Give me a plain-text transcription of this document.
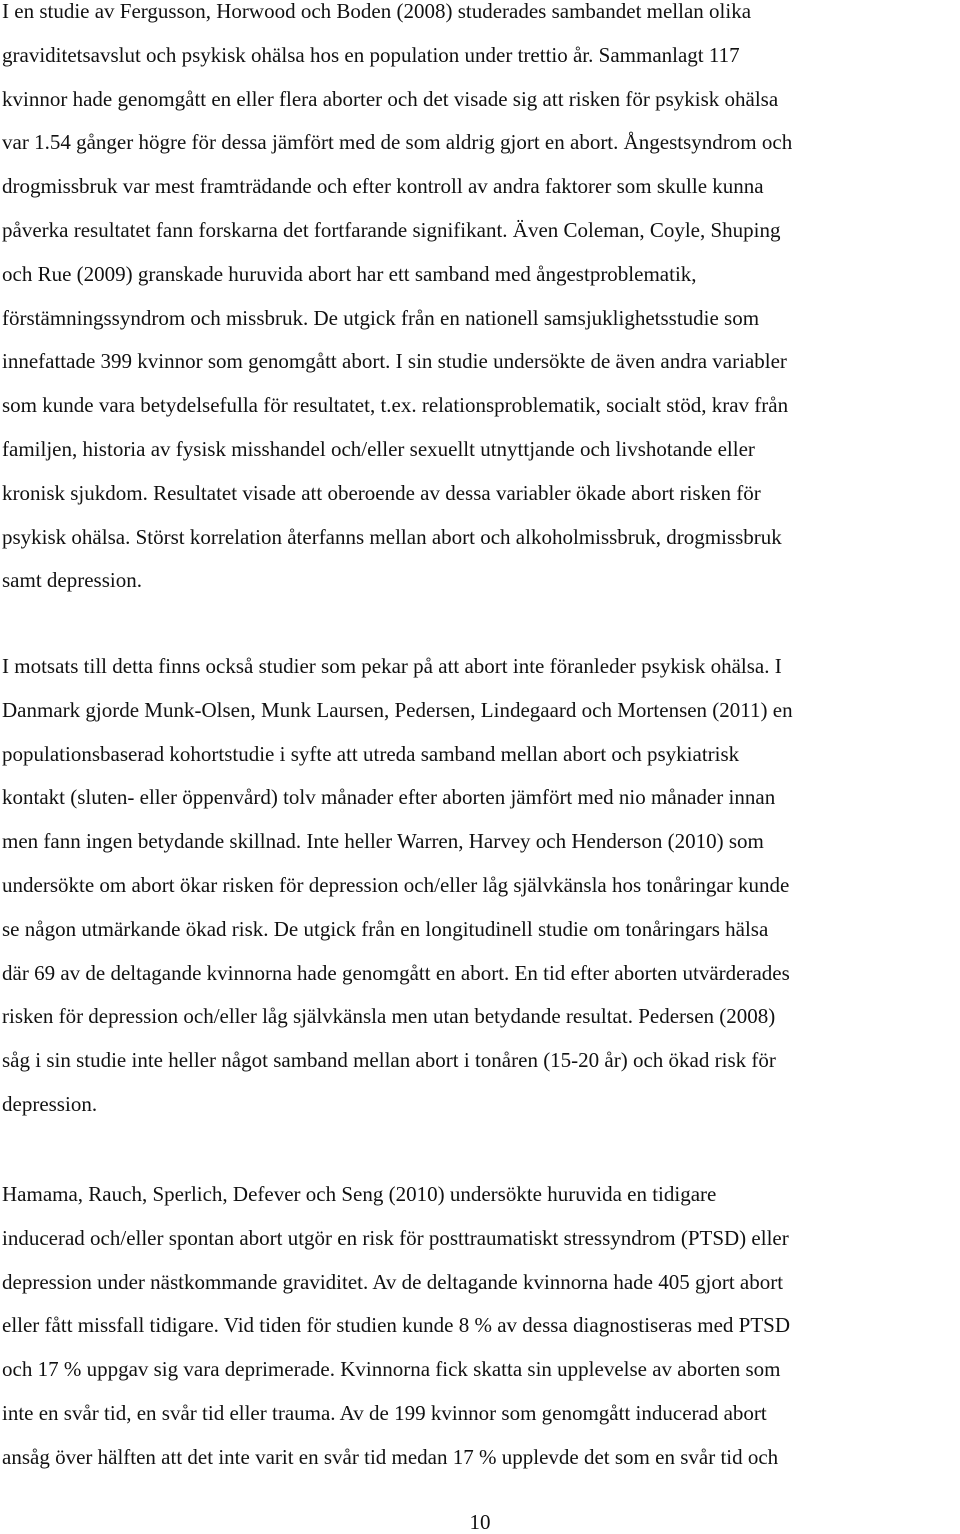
I en studie av Fergusson, Horwood och Boden (2008) studerades sambandet mellan olika
graviditetsavslut och psykisk ohälsa hos en population under trettio år. Sammanlagt 117
kvinnor hade genomgått en eller flera aborter och det visade sig att risken för psykisk ohälsa
var 1.54 gånger högre för dessa jämfört med de som aldrig gjort en abort. Ångestsyndrom och
drogmissbruk var mest framträdande och efter kontroll av andra faktorer som skulle kunna
påverka resultatet fann forskarna det fortfarande signifikant. Även Coleman, Coyle, Shuping
och Rue (2009) granskade huruvida abort har ett samband med ångestproblematik,
förstämningssyndrom och missbruk. De utgick från en nationell samsjuklighetsstudie som
innefattade 399 kvinnor som genomgått abort. I sin studie undersökte de även andra variabler
som kunde vara betydelsefulla för resultatet, t.ex. relationsproblematik, socialt stöd, krav från
familjen, historia av fysisk misshandel och/eller sexuellt utnyttjande och livshotande eller
kronisk sjukdom. Resultatet visade att oberoende av dessa variabler ökade abort risken för
psykisk ohälsa. Störst korrelation återfanns mellan abort och alkoholmissbruk, drogmissbruk
samt depression.
I motsats till detta finns också studier som pekar på att abort inte föranleder psykisk ohälsa. I
Danmark gjorde Munk-Olsen, Munk Laursen, Pedersen, Lindegaard och Mortensen (2011) en
populationsbaserad kohortstudie i syfte att utreda samband mellan abort och psykiatrisk
kontakt (sluten- eller öppenvård) tolv månader efter aborten jämfört med nio månader innan
men fann ingen betydande skillnad. Inte heller Warren, Harvey och Henderson (2010) som
undersökte om abort ökar risken för depression och/eller låg självkänsla hos tonåringar kunde
se någon utmärkande ökad risk. De utgick från en longitudinell studie om tonåringars hälsa
där 69 av de deltagande kvinnorna hade genomgått en abort. En tid efter aborten utvärderades
risken för depression och/eller låg självkänsla men utan betydande resultat. Pedersen (2008)
såg i sin studie inte heller något samband mellan abort i tonåren (15-20 år) och ökad risk för
depression.
Hamama, Rauch, Sperlich, Defever och Seng (2010) undersökte huruvida en tidigare
inducerad och/eller spontan abort utgör en risk för posttraumatiskt stressyndrom (PTSD) eller
depression under nästkommande graviditet. Av de deltagande kvinnorna hade 405 gjort abort
eller fått missfall tidigare. Vid tiden för studien kunde 8 % av dessa diagnostiseras med PTSD
och 17 % uppgav sig vara deprimerade. Kvinnorna fick skatta sin upplevelse av aborten som
inte en svår tid, en svår tid eller trauma. Av de 199 kvinnor som genomgått inducerad abort
ansåg över hälften att det inte varit en svår tid medan 17 % upplevde det som en svår tid och
10
